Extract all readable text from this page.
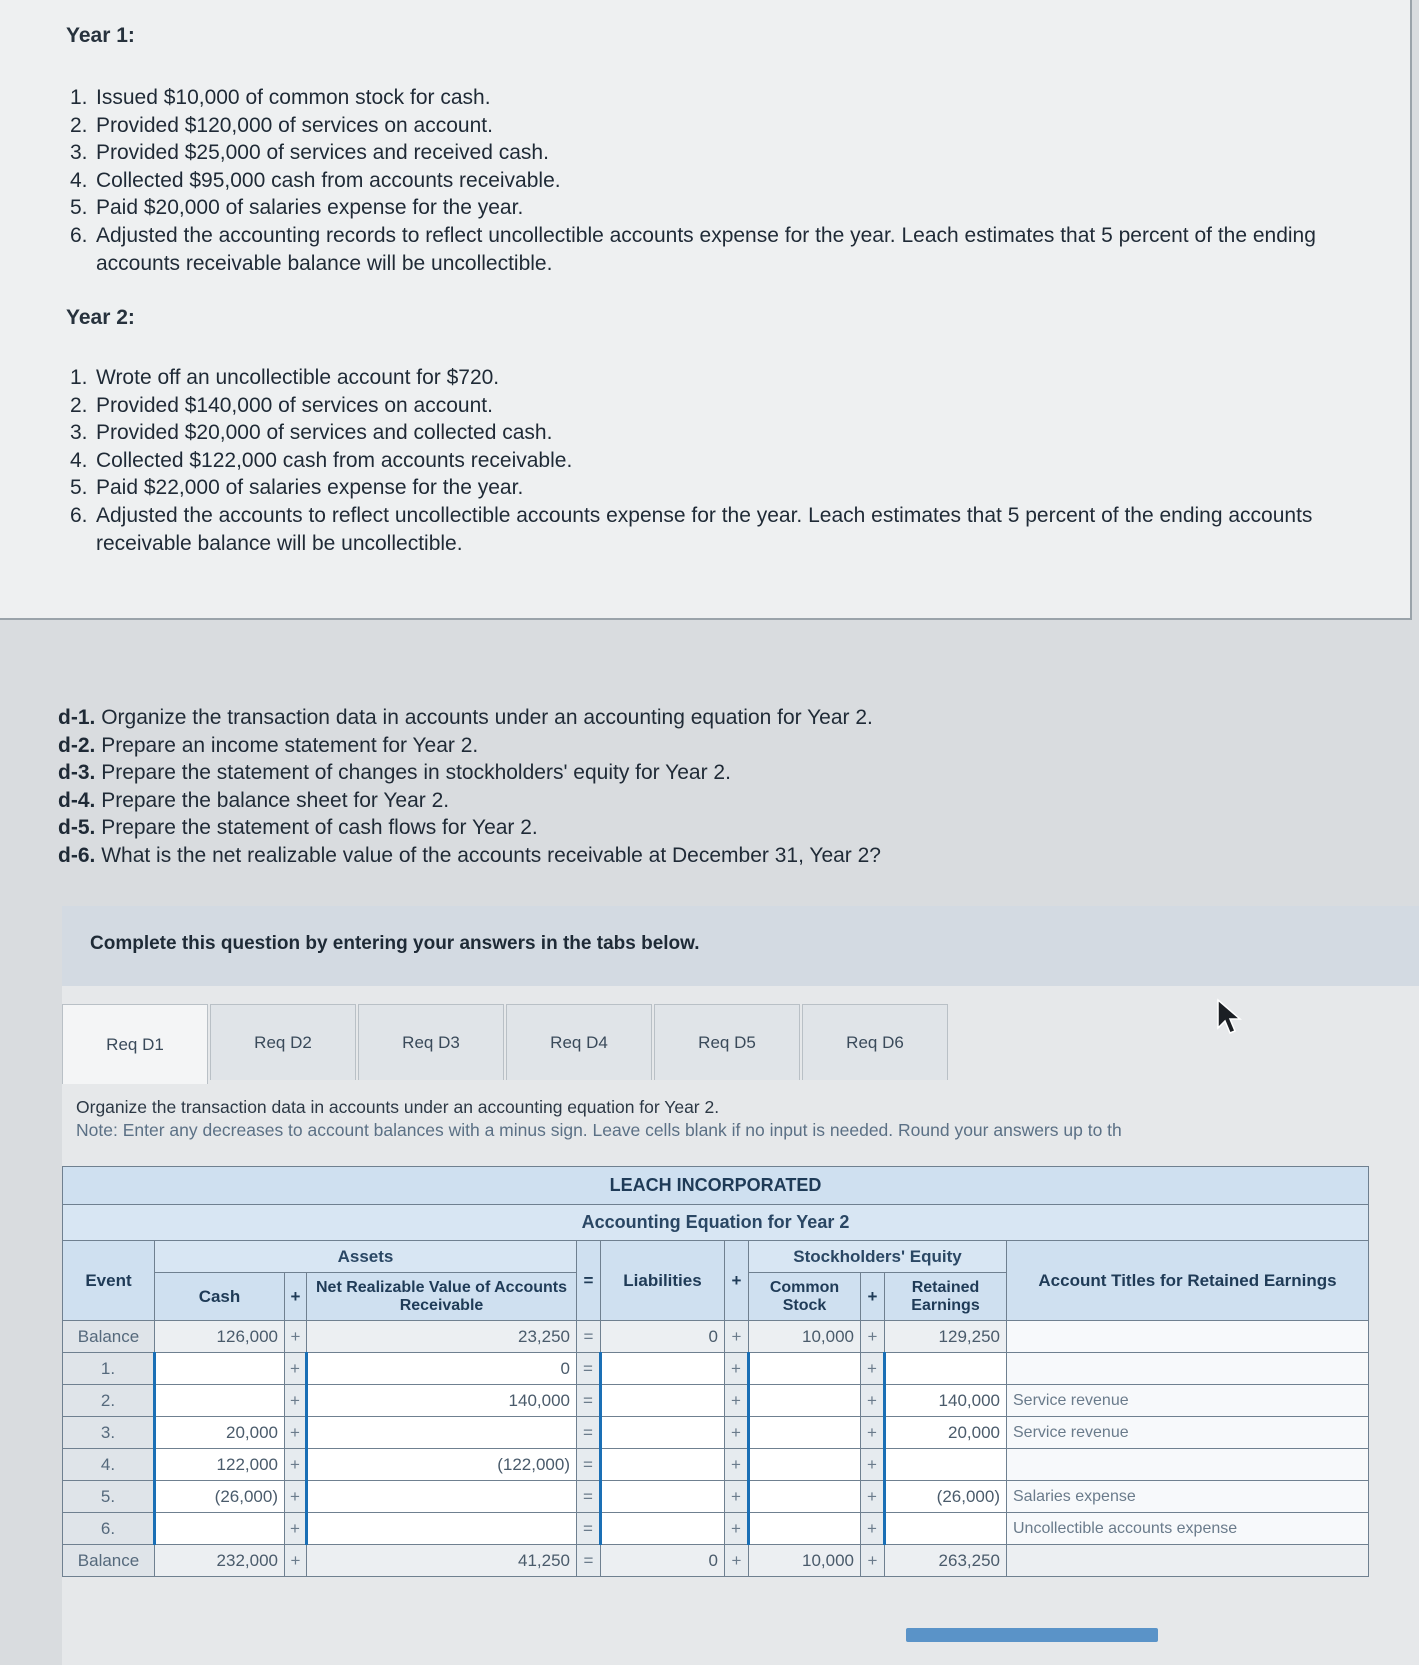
Year 1:
1. Issued $10,000 of common stock for cash.
2. Provided $120,000 of services on account.
3. Provided $25,000 of services and received cash.
4. Collected $95,000 cash from accounts receivable.
5. Paid $20,000 of salaries expense for the year.
6. Adjusted the accounting records to reflect uncollectible accounts expense for the year. Leach estimates that 5 percent of the ending accounts receivable balance will be uncollectible.
Year 2:
1. Wrote off an uncollectible account for $720.
2. Provided $140,000 of services on account.
3. Provided $20,000 of services and collected cash.
4. Collected $122,000 cash from accounts receivable.
5. Paid $22,000 of salaries expense for the year.
6. Adjusted the accounts to reflect uncollectible accounts expense for the year. Leach estimates that 5 percent of the ending accounts receivable balance will be uncollectible.
d-1. Organize the transaction data in accounts under an accounting equation for Year 2.
d-2. Prepare an income statement for Year 2.
d-3. Prepare the statement of changes in stockholders' equity for Year 2.
d-4. Prepare the balance sheet for Year 2.
d-5. Prepare the statement of cash flows for Year 2.
d-6. What is the net realizable value of the accounts receivable at December 31, Year 2?
Complete this question by entering your answers in the tabs below.
Req D1	Req D2	Req D3	Req D4	Req D5	Req D6
Organize the transaction data in accounts under an accounting equation for Year 2.
Note: Enter any decreases to account balances with a minus sign. Leave cells blank if no input is needed. Round your answers up to th
LEACH INCORPORATED										
Accounting Equation for Year 2										
Event	Assets			=	Liabilities	+	Stockholders' Equity			Account Titles for Retained Earnings
	Cash	+	Net Realizable Value of Accounts Receivable				Common Stock	+	Retained Earnings	
Balance	126,000	+	23,250	=	0	+	10,000	+	129,250	
1.		+	0	=		+		+		
2.		+	140,000	=		+		+	140,000	Service revenue
3.	20,000	+		=		+		+	20,000	Service revenue
4.	122,000	+	(122,000)	=		+		+		
5.	(26,000)	+		=		+		+	(26,000)	Salaries expense
6.		+		=		+		+		Uncollectible accounts expense
Balance	232,000	+	41,250	=	0	+	10,000	+	263,250	
